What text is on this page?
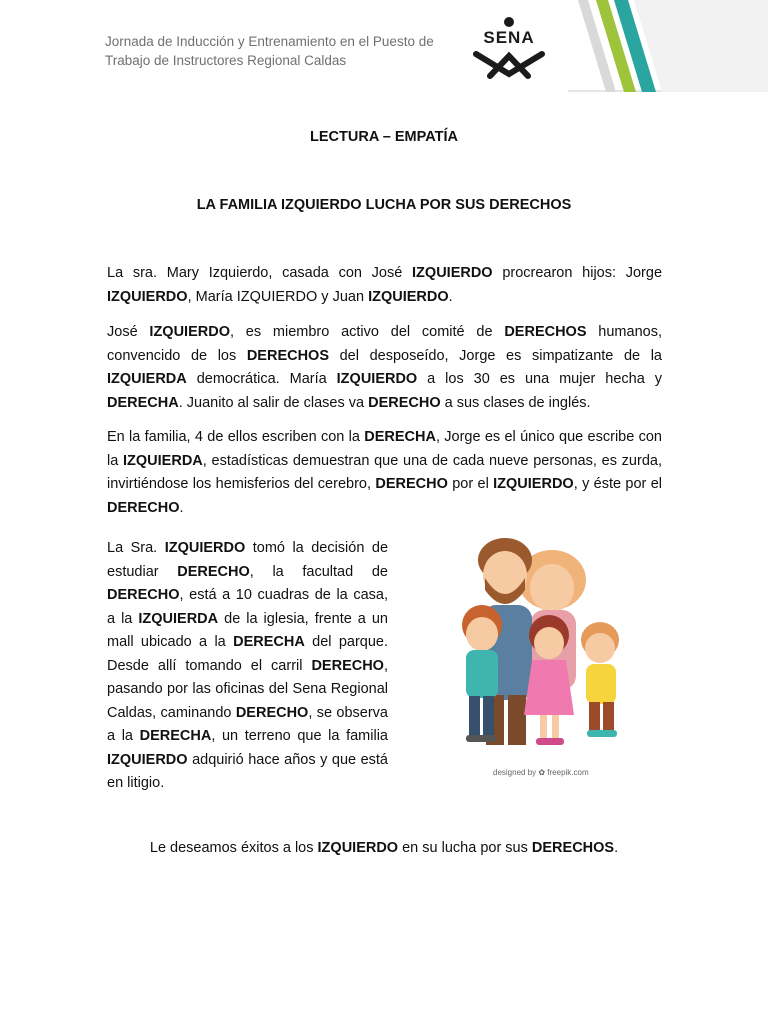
Jornada de Inducción y Entrenamiento en el Puesto de
Trabajo de Instructores Regional Caldas
SENA
LECTURA – EMPATÍA
LA FAMILIA IZQUIERDO LUCHA POR SUS DERECHOS
La sra. Mary Izquierdo, casada con José IZQUIERDO procrearon hijos: Jorge IZQUIERDO, María IZQUIERDO y Juan IZQUIERDO.
José IZQUIERDO, es miembro activo del comité de DERECHOS humanos, convencido de los DERECHOS del desposeído, Jorge es simpatizante de la IZQUIERDA democrática. María IZQUIERDO a los 30 es una mujer hecha y DERECHA. Juanito al salir de clases va DERECHO a sus clases de inglés.
En la familia, 4 de ellos escriben con la DERECHA, Jorge es el único que escribe con la IZQUIERDA, estadísticas demuestran que una de cada nueve personas, es zurda, invirtiéndose los hemisferios del cerebro, DERECHO por el IZQUIERDO, y éste por el DERECHO.
La Sra. IZQUIERDO tomó la decisión de estudiar DERECHO, la facultad de DERECHO, está a 10 cuadras de la casa, a la IZQUIERDA de la iglesia, frente a un mall ubicado a la DERECHA del parque. Desde allí tomando el carril DERECHO, pasando por las oficinas del Sena Regional Caldas, caminando DERECHO, se observa a la DERECHA, un terreno que la familia IZQUIERDO adquirió hace años y que está en litigio.
designed by ✿ freepik.com
Le deseamos éxitos a los IZQUIERDO en su lucha por sus DERECHOS.
